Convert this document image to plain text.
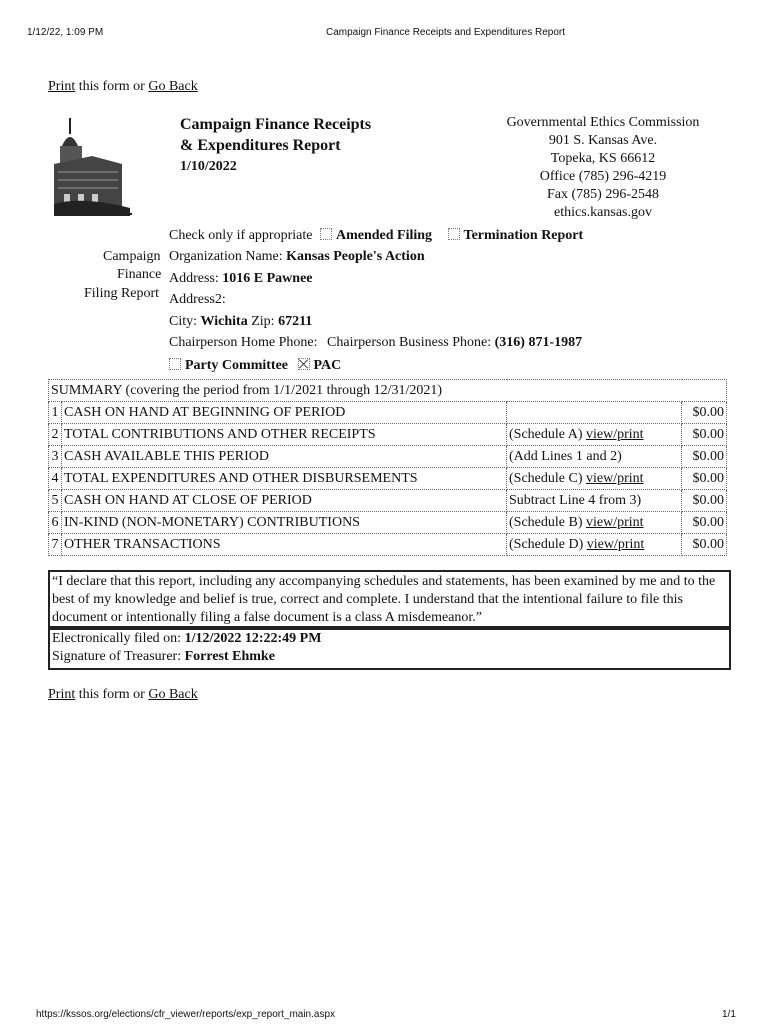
1/12/22, 1:09 PM	Campaign Finance Receipts and Expenditures Report
Print this form or Go Back
Campaign Finance Receipts
& Expenditures Report
1/10/2022
Governmental Ethics Commission
901 S. Kansas Ave.
Topeka, KS 66612
Office (785) 296-4219
Fax (785) 296-2548
ethics.kansas.gov
Check only if appropriate Amended Filing Termination Report
Campaign
Finance
Filing Report
Organization Name: Kansas People's Action
Address: 1016 E Pawnee
Address2:
City: Wichita Zip: 67211
Chairperson Home Phone: Chairperson Business Phone: (316) 871-1987
Party Committee PAC
SUMMARY (covering the period from 1/1/2021 through 12/31/2021)			
1	CASH ON HAND AT BEGINNING OF PERIOD		$0.00
2	TOTAL CONTRIBUTIONS AND OTHER RECEIPTS	(Schedule A) view/print	$0.00
3	CASH AVAILABLE THIS PERIOD	(Add Lines 1 and 2)	$0.00
4	TOTAL EXPENDITURES AND OTHER DISBURSEMENTS	(Schedule C) view/print	$0.00
5	CASH ON HAND AT CLOSE OF PERIOD	Subtract Line 4 from 3)	$0.00
6	IN-KIND (NON-MONETARY) CONTRIBUTIONS	(Schedule B) view/print	$0.00
7	OTHER TRANSACTIONS	(Schedule D) view/print	$0.00
“I declare that this report, including any accompanying schedules and statements, has been examined by me and to the best of my knowledge and belief is true, correct and complete. I understand that the intentional failure to file this document or intentionally filing a false document is a class A misdemeanor.”
Electronically filed on: 1/12/2022 12:22:49 PM
Signature of Treasurer: Forrest Ehmke
Print this form or Go Back
https://kssos.org/elections/cfr_viewer/reports/exp_report_main.aspx	1/1
